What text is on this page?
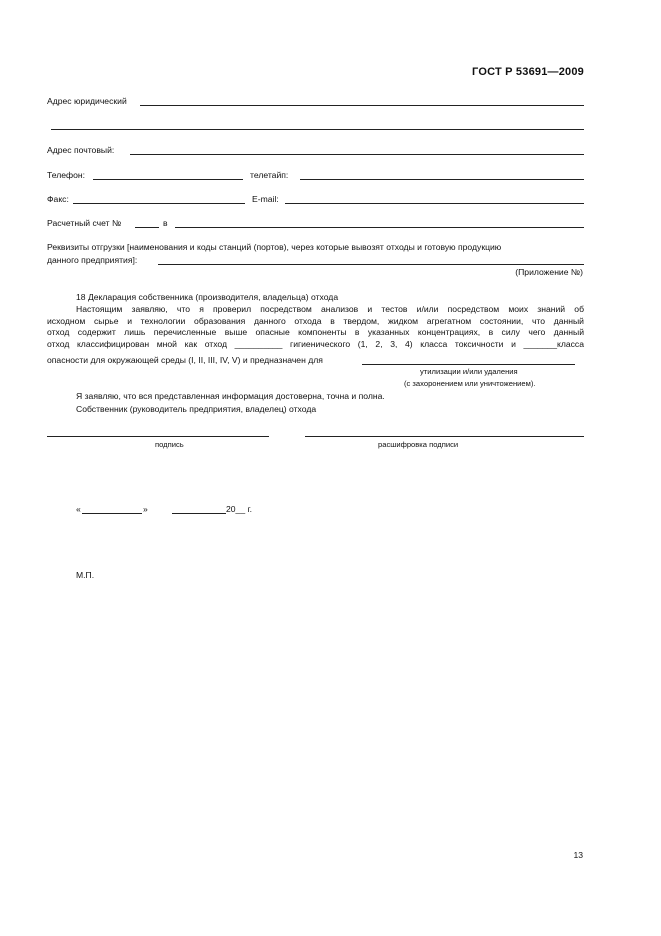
ГОСТ Р 53691—2009
Адрес юридический
Адрес почтовый:
Телефон:	телетайп:
Факс:	E-mail:
Расчетный счет №	в
Реквизиты отгрузки [наименования и коды станций (портов), через которые вывозят отходы и готовую продукцию
данного предприятия]:
(Приложение №)
18 Декларация собственника (производителя, владельца) отхода
Настоящим заявляю, что я проверил посредством анализов и тестов и/или посредством моих знаний об
исходном сырье и технологии образования данного отхода в твердом, жидком агрегатном состоянии, что данный
отход содержит лишь перечисленные выше опасные компоненты в указанных концентрациях, в силу чего данный
отход классифицирован мной как отход __________ гигиенического (1, 2, 3, 4) класса токсичности и _______класса
опасности для окружающей среды (I, II, III, IV, V) и предназначен для
утилизации и/или удаления
(с захоронением или уничтожением).
Я заявляю, что вся представленная информация достоверна, точна и полна.
Собственник (руководитель предприятия, владелец) отхода
подпись	расшифровка подписи
«	»	20__ г.
М.П.
13
